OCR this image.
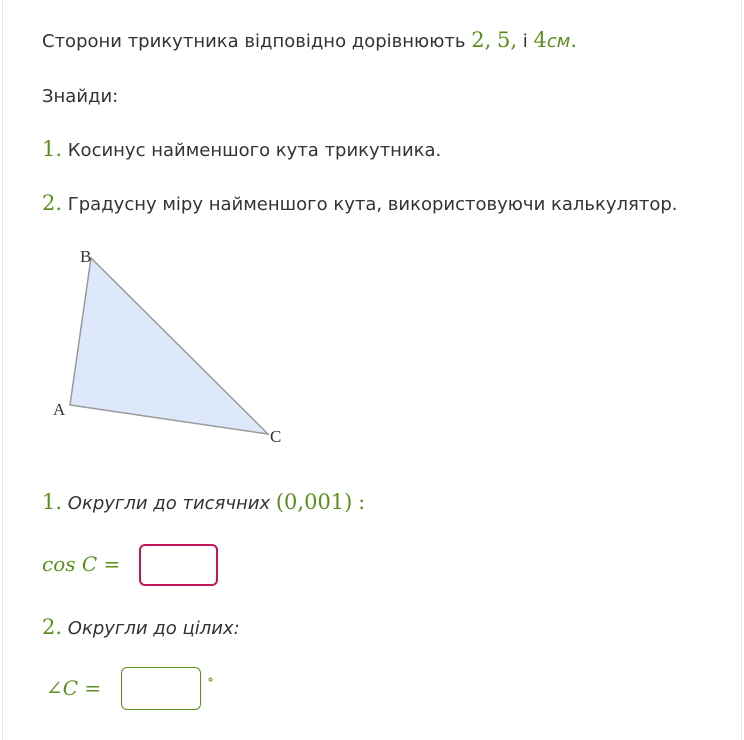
Сторони трикутника відповідно дорівнюють 2, 5, і 4см.
Знайди:
1. Косинус найменшого кута трикутника.
2. Градусну міру найменшого кута, використовуючи калькулятор.
B
A
C
1. Округли до тисячних (0,001) :
cos C =
2. Округли до цілих:
∠C =	∘
